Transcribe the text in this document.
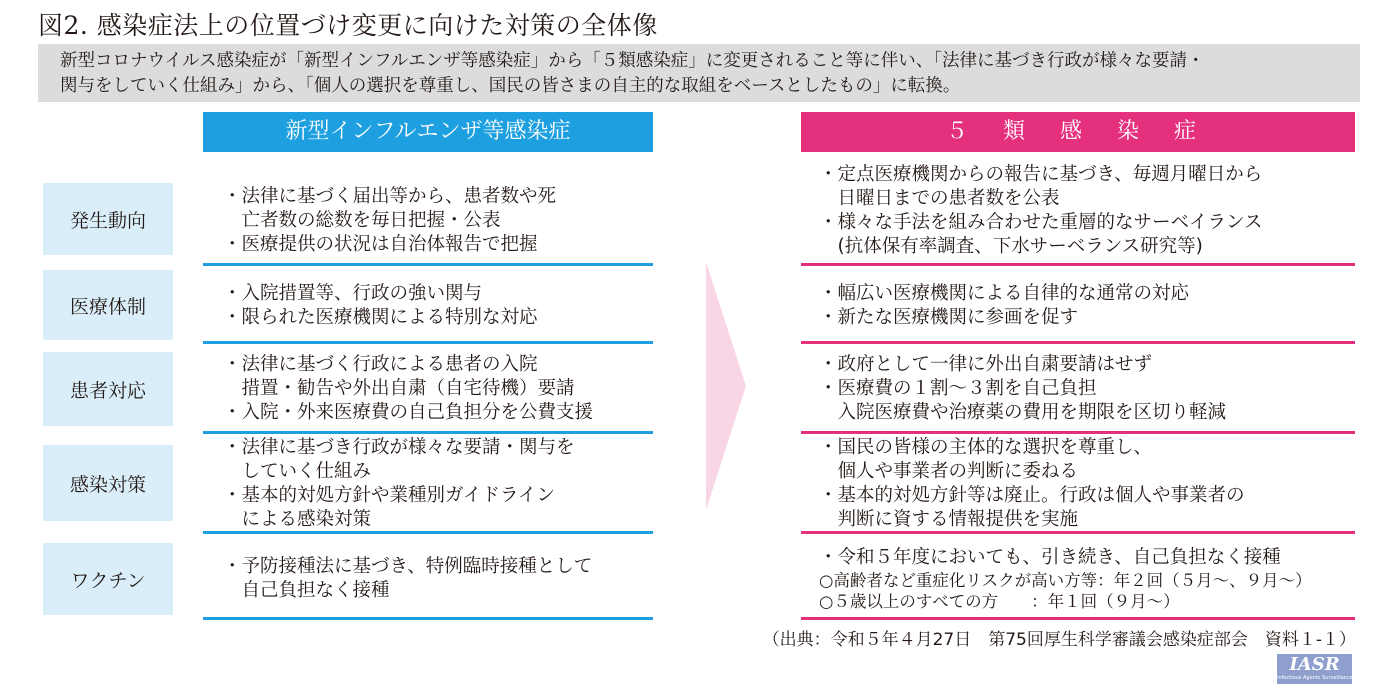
図2. 感染症法上の位置づけ変更に向けた対策の全体像
新型コロナウイルス感染症が「新型インフルエンザ等感染症」から「５類感染症」に変更されること等に伴い、「法律に基づき行政が様々な要請・
関与をしていく仕組み」から、「個人の選択を尊重し、国民の皆さまの自主的な取組をベースとしたもの」に転換。
新型インフルエンザ等感染症	５ 類 感 染 症
発生動向
・法律に基づく届出等から、患者数や死
　亡者数の総数を毎日把握・公表
・医療提供の状況は自治体報告で把握
・定点医療機関からの報告に基づき、毎週月曜日から
　日曜日までの患者数を公表
・様々な手法を組み合わせた重層的なサーベイランス
　(抗体保有率調査、下水サーベランス研究等)
医療体制
・入院措置等、行政の強い関与
・限られた医療機関による特別な対応
・幅広い医療機関による自律的な通常の対応
・新たな医療機関に参画を促す
患者対応
・法律に基づく行政による患者の入院
　措置・勧告や外出自粛（自宅待機）要請
・入院・外来医療費の自己負担分を公費支援
・政府として一律に外出自粛要請はせず
・医療費の１割～３割を自己負担
　入院医療費や治療薬の費用を期限を区切り軽減
感染対策
・法律に基づき行政が様々な要請・関与を
　していく仕組み
・基本的対処方針や業種別ガイドライン
　による感染対策
・国民の皆様の主体的な選択を尊重し、
　個人や事業者の判断に委ねる
・基本的対処方針等は廃止。行政は個人や事業者の
　判断に資する情報提供を実施
ワクチン
・予防接種法に基づき、特例臨時接種として
　自己負担なく接種
・令和５年度においても、引き続き、自己負担なく接種
○高齢者など重症化リスクが高い方等：年２回（５月～、９月～）
○５歳以上のすべての方　　：年１回（９月～）
（出典：令和５年４月27日　第75回厚生科学審議会感染症部会　資料１-１）
IASR
Infectious Agents Surveillance Report
